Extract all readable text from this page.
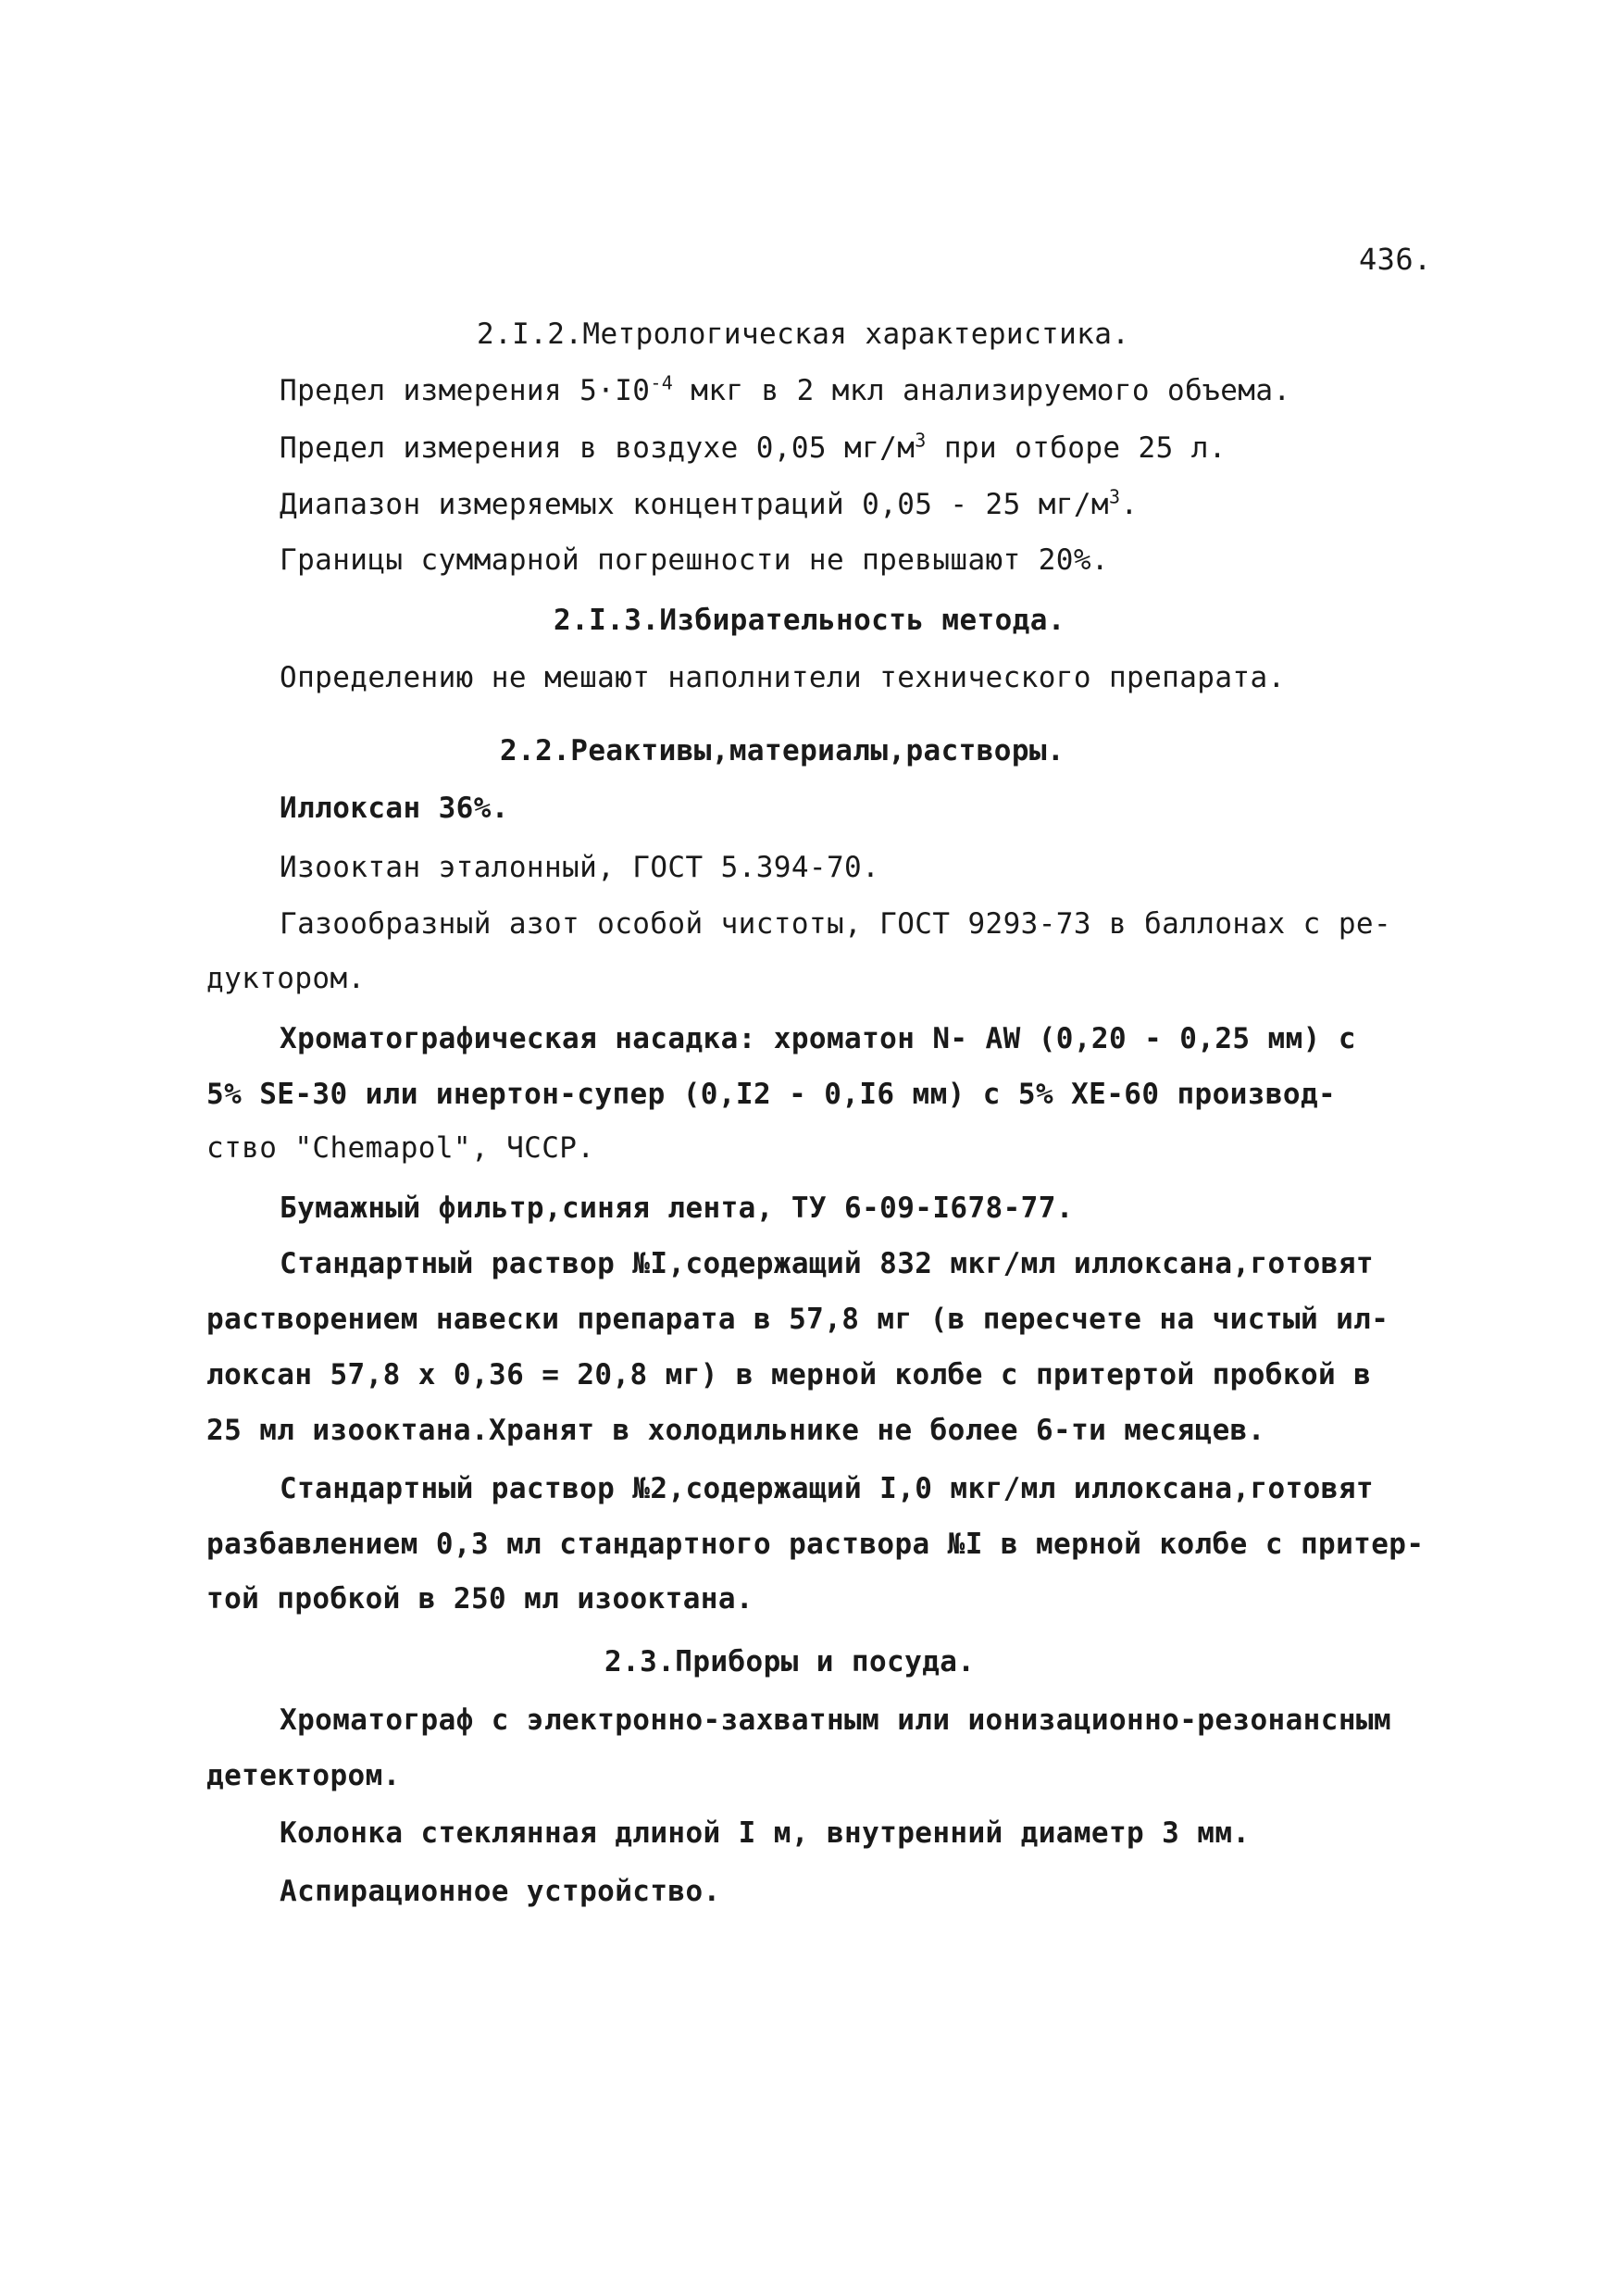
436.
2.I.2.Метрологическая характеристика.
Предел измерения $5\cdot I0^{-4}$ мкг в 2 мкл анализируемого объема.
Предел измерения в воздухе 0,05 $мг/м^3$ при отборе 25 л.
Диапазон измеряемых концентраций 0,05 - 25 $мг/м^3$.
Границы суммарной погрешности не превышают 20%.
2.I.3.Избирательность метода.
Определению не мешают наполнители технического препарата.
2.2.Реактивы,материалы,растворы.
Иллоксан 36%.
Изооктан эталонный, ГОСТ 5.394-70.
Газообразный азот особой чистоты, ГОСТ 9293-73 в баллонах с ре-
дуктором.
Хроматографическая насадка: хроматон N- AW (0,20 - 0,25 мм) с
5% SE-30 или инертон-супер (0,I2 - 0,I6 мм) с 5% XE-60 производ-
ство "Chemapol", ЧССР.
Бумажный фильтр,синяя лента, ТУ 6-09-I678-77.
Стандартный раствор №I,содержащий 832 мкг/мл иллоксана,готовят
растворением навески препарата в 57,8 мг (в пересчете на чистый ил-
локсан 57,8 х 0,36 = 20,8 мг) в мерной колбе с притертой пробкой в
25 мл изооктана.Хранят в холодильнике не более 6-ти месяцев.
Стандартный раствор №2,содержащий I,0 мкг/мл иллоксана,готовят
разбавлением 0,3 мл стандартного раствора №I в мерной колбе с притер-
той пробкой в 250 мл изооктана.
2.3.Приборы и посуда.
Хроматограф с электронно-захватным или ионизационно-резонансным
детектором.
Колонка стеклянная длиной I м, внутренний диаметр 3 мм.
Аспирационное устройство.
